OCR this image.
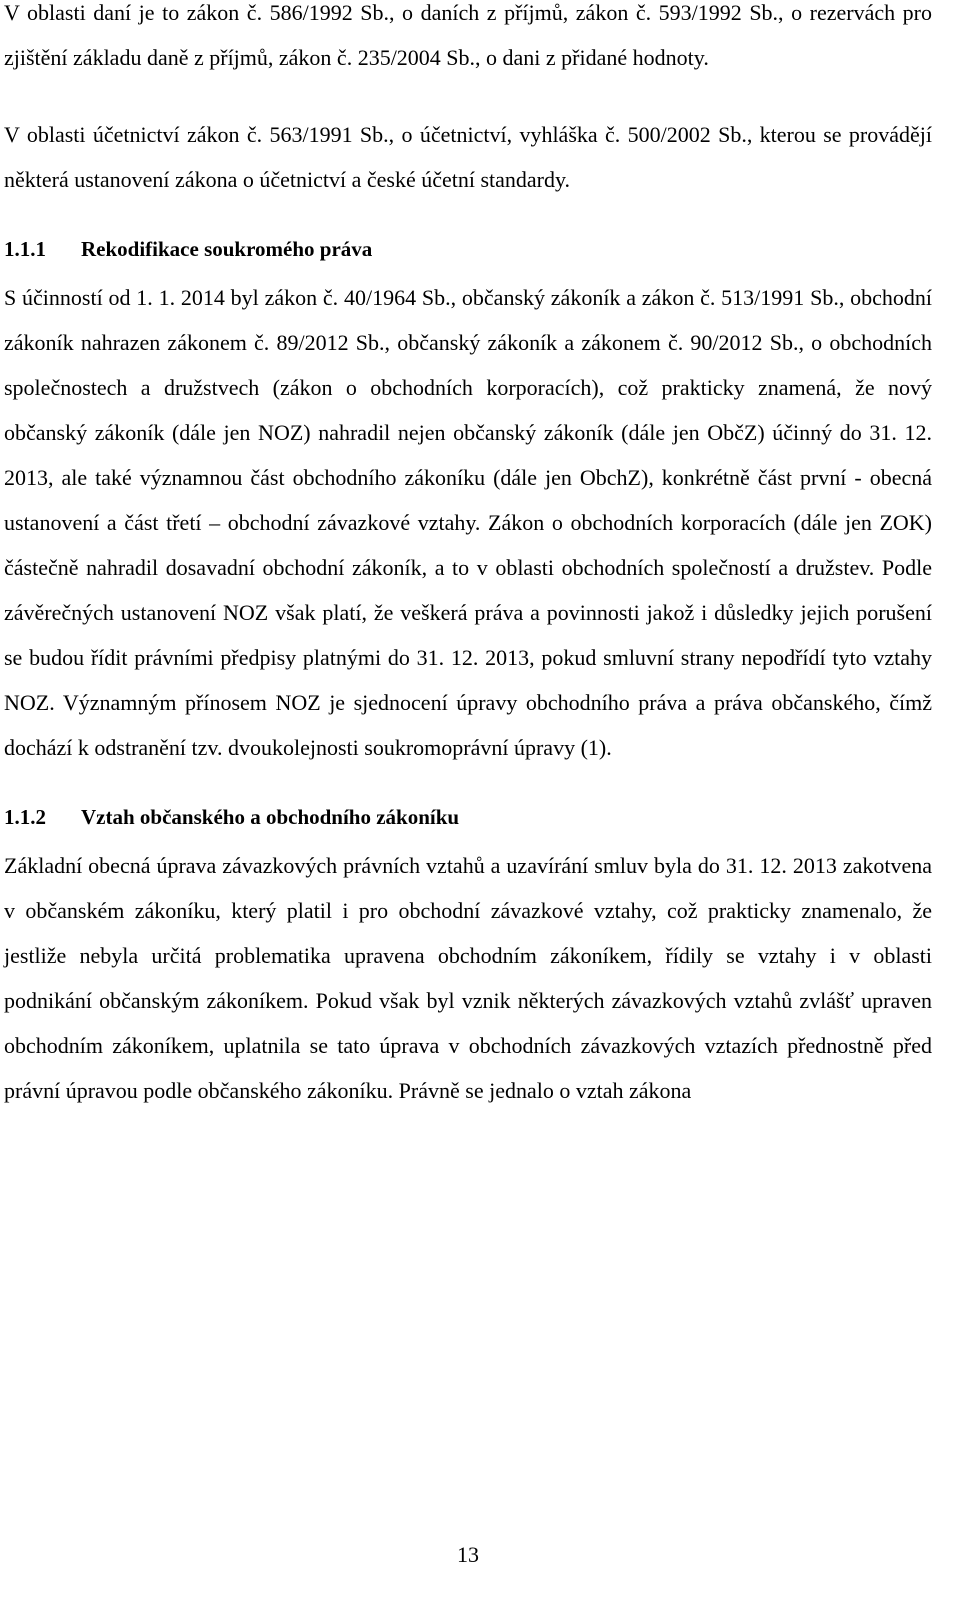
V oblasti daní je to zákon č. 586/1992 Sb., o daních z příjmů, zákon č. 593/1992 Sb., o rezervách pro zjištění základu daně z příjmů, zákon č. 235/2004 Sb., o dani z přidané hodnoty.

V oblasti účetnictví zákon č. 563/1991 Sb., o účetnictví, vyhláška č. 500/2002 Sb., kterou se provádějí některá ustanovení zákona o účetnictví a české účetní standardy.

1.1.1	Rekodifikace soukromého práva

S účinností od 1. 1. 2014 byl zákon č. 40/1964 Sb., občanský zákoník a zákon č. 513/1991 Sb., obchodní zákoník nahrazen zákonem č. 89/2012 Sb., občanský zákoník a zákonem č. 90/2012 Sb., o obchodních společnostech a družstvech (zákon o obchodních korporacích), což prakticky znamená, že nový občanský zákoník (dále jen NOZ) nahradil nejen občanský zákoník (dále jen ObčZ) účinný do 31. 12. 2013, ale také významnou část obchodního zákoníku (dále jen ObchZ), konkrétně část první - obecná ustanovení a část třetí – obchodní závazkové vztahy. Zákon o obchodních korporacích (dále jen ZOK) částečně nahradil dosavadní obchodní zákoník, a to v oblasti obchodních společností a družstev. Podle závěrečných ustanovení NOZ však platí, že veškerá práva a povinnosti jakož i důsledky jejich porušení se budou řídit právními předpisy platnými do 31. 12. 2013, pokud smluvní strany nepodřídí tyto vztahy NOZ. Významným přínosem NOZ je sjednocení úpravy obchodního práva a práva občanského, čímž dochází k odstranění tzv. dvoukolejnosti soukromoprávní úpravy (1).

1.1.2	Vztah občanského a obchodního zákoníku

Základní obecná úprava závazkových právních vztahů a uzavírání smluv byla do 31. 12. 2013 zakotvena v občanském zákoníku, který platil i pro obchodní závazkové vztahy, což prakticky znamenalo, že jestliže nebyla určitá problematika upravena obchodním zákoníkem, řídily se vztahy i v oblasti podnikání občanským zákoníkem. Pokud však byl vznik některých závazkových vztahů zvlášť upraven obchodním zákoníkem, uplatnila se tato úprava v obchodních závazkových vztazích přednostně před právní úpravou podle občanského zákoníku. Právně se jednalo o vztah zákona

13
